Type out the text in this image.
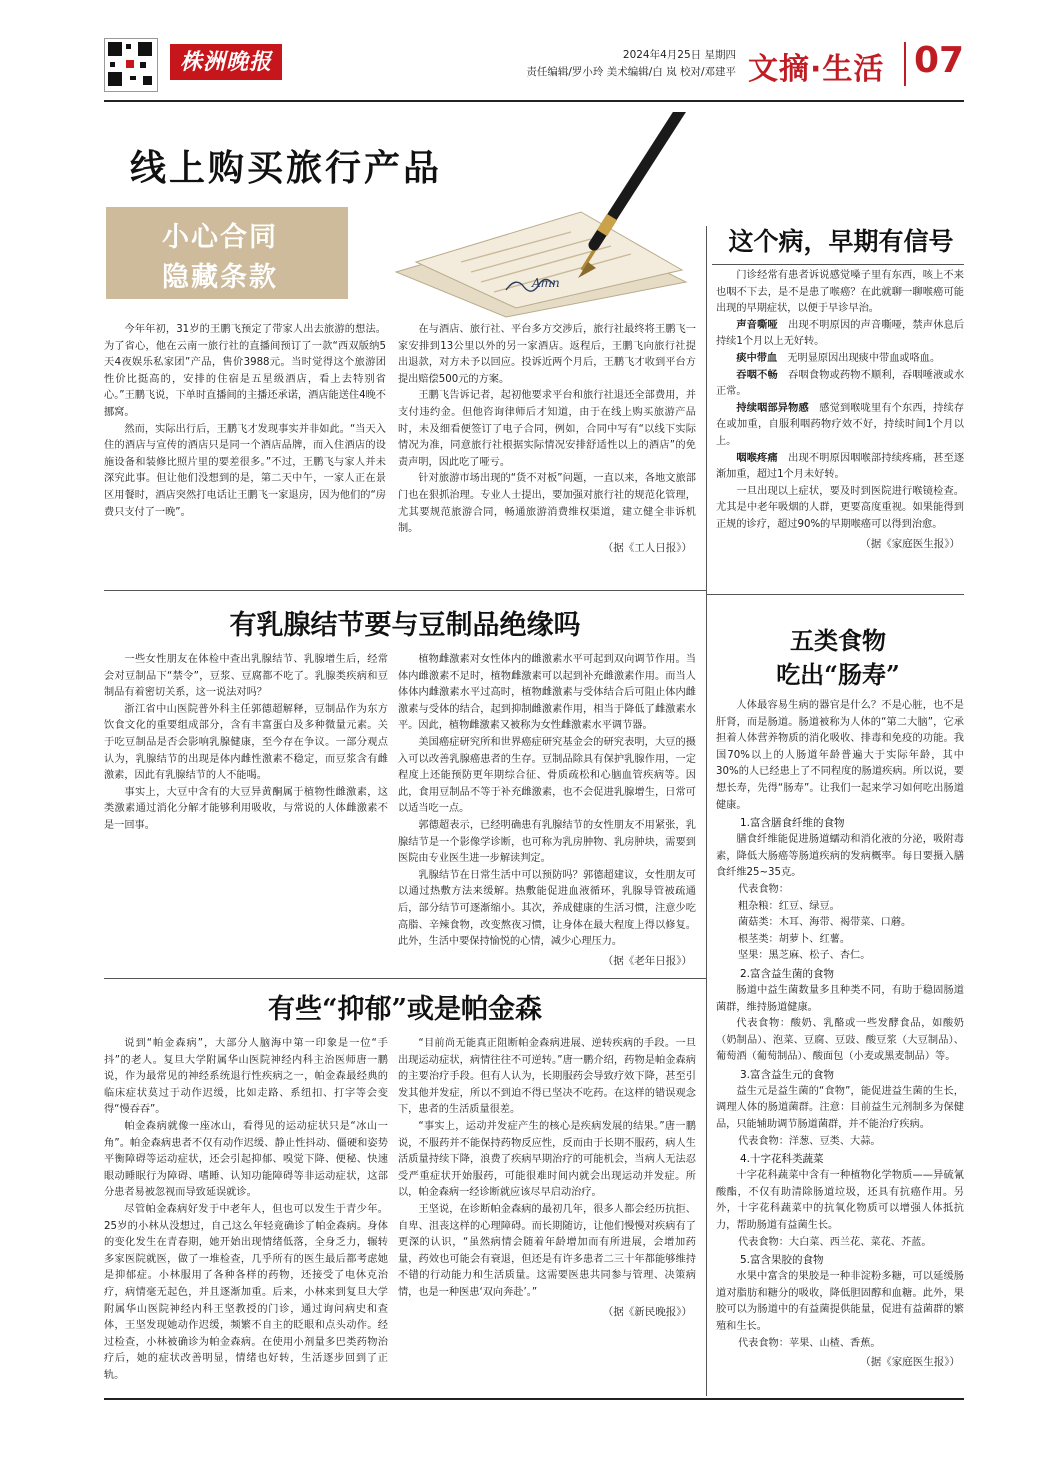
株洲晚报	2024年4月25日 星期四
责任编辑/罗小玲 美术编辑/白 岚 校对/邓建平 文摘·生活 07
线上购买旅行产品
小心合同
隐藏条款	Amn

今年年初，31岁的王鹏飞预定了带家人出去旅游的想法。为了省心，他在云南一旅行社的直播间预订了一款“西双版纳5天4夜娱乐私家团”产品，售价3988元。当时觉得这个旅游团性价比挺高的，安排的住宿是五星级酒店，看上去特别省心。”王鹏飞说，下单时直播间的主播还承诺，酒店能送住4晚不挪窝。

然而，实际出行后，王鹏飞才发现事实并非如此。“当天入住的酒店与宣传的酒店只是同一个酒店品牌，而入住酒店的设施设备和装修比照片里的要差很多。”不过，王鹏飞与家人并未深究此事。但让他们没想到的是，第二天中午，一家人正在景区用餐时，酒店突然打电话让王鹏飞一家退房，因为他们的“房费只支付了一晚”。

在与酒店、旅行社、平台多方交涉后，旅行社最终将王鹏飞一家安排到13公里以外的另一家酒店。返程后，王鹏飞向旅行社提出退款，对方未予以回应。投诉近两个月后，王鹏飞才收到平台方提出赔偿500元的方案。

王鹏飞告诉记者，起初他要求平台和旅行社退还全部费用，并支付违约金。但他咨询律师后才知道，由于在线上购买旅游产品时，未及细看便签订了电子合同，例如，合同中写有“以线下实际情况为准，同意旅行社根据实际情况安排舒适性以上的酒店”的免责声明，因此吃了哑亏。

针对旅游市场出现的“货不对板”问题，一直以来，各地文旅部门也在狠抓治理。专业人士提出，要加强对旅行社的规范化管理，尤其要规范旅游合同，畅通旅游消费维权渠道，建立健全非诉机制。

（据《工人日报》）

这个病，早期有信号

门诊经常有患者诉说感觉嗓子里有东西，咳上不来也咽不下去，是不是患了喉癌？在此就聊一聊喉癌可能出现的早期症状，以便于早诊早治。

声音嘶哑　 出现不明原因的声音嘶哑，禁声休息后持续1个月以上无好转。

痰中带血　 无明显原因出现痰中带血或咯血。

吞咽不畅　 吞咽食物或药物不顺利，吞咽唾液或水正常。

持续咽部异物感　 感觉到喉咙里有个东西，持续存在或加重，自服利咽药物疗效不好，持续时间1个月以上。

咽喉疼痛　 出现不明原因咽喉部持续疼痛，甚至逐渐加重，超过1个月未好转。

一旦出现以上症状，要及时到医院进行喉镜检查。尤其是中老年吸烟的人群，更要高度重视。如果能得到正规的诊疗，超过90%的早期喉癌可以得到治愈。

（据《家庭医生报》）

有乳腺结节要与豆制品绝缘吗

一些女性朋友在体检中查出乳腺结节、乳腺增生后，经常会对豆制品下“禁令”，豆浆、豆腐都不吃了。乳腺类疾病和豆制品有着密切关系，这一说法对吗？

浙江省中山医院普外科主任郭德超解释，豆制品作为东方饮食文化的重要组成部分，含有丰富蛋白及多种微量元素。关于吃豆制品是否会影响乳腺健康，至今存在争议。一部分观点认为，乳腺结节的出现是体内雌性激素不稳定，而豆浆含有雌激素，因此有乳腺结节的人不能喝。

事实上，大豆中含有的大豆异黄酮属于植物性雌激素，这类激素通过消化分解才能够利用吸收，与常说的人体雌激素不是一回事。

植物雌激素对女性体内的雌激素水平可起到双向调节作用。当体内雌激素不足时，植物雌激素可以起到补充雌激素作用。而当人体体内雌激素水平过高时，植物雌激素与受体结合后可阻止体内雌激素与受体的结合，起到抑制雌激素作用，相当于降低了雌激素水平。因此，植物雌激素又被称为女性雌激素水平调节器。

美国癌症研究所和世界癌症研究基金会的研究表明，大豆的摄入可以改善乳腺癌患者的生存。豆制品除具有保护乳腺作用，一定程度上还能预防更年期综合征、骨质疏松和心脑血管疾病等。因此，食用豆制品不等于补充雌激素，也不会促进乳腺增生，日常可以适当吃一点。

郭德超表示，已经明确患有乳腺结节的女性朋友不用紧张，乳腺结节是一个影像学诊断，也可称为乳房肿物、乳房肿块，需要到医院由专业医生进一步解读判定。

乳腺结节在日常生活中可以预防吗？郭德超建议，女性朋友可以通过热敷方法来缓解。热敷能促进血液循环，乳腺导管被疏通后，部分结节可逐渐缩小。其次，养成健康的生活习惯，注意少吃高脂、辛辣食物，改变熬夜习惯，让身体在最大程度上得以修复。此外，生活中要保持愉悦的心情，减少心理压力。

（据《老年日报》）

有些“抑郁”或是帕金森

说到“帕金森病”，大部分人脑海中第一印象是一位“手抖”的老人。复旦大学附属华山医院神经内科主治医师唐一鹏说，作为最常见的神经系统退行性疾病之一，帕金森最经典的临床症状莫过于动作迟缓，比如走路、系纽扣、打字等会变得“慢吞吞”。

帕金森病就像一座冰山，看得见的运动症状只是“冰山一角”。帕金森病患者不仅有动作迟缓、静止性抖动、僵硬和姿势平衡障碍等运动症状，还会引起抑郁、嗅觉下降、便秘、快速眼动睡眠行为障碍、嗜睡、认知功能障碍等非运动症状，这部分患者易被忽视而导致延误就诊。

尽管帕金森病好发于中老年人，但也可以发生于青少年。25岁的小林从没想过，自己这么年轻竟确诊了帕金森病。身体的变化发生在青春期，她开始出现情绪低落，全身乏力，辗转多家医院就医，做了一堆检查，几乎所有的医生最后都考虑她是抑郁症。小林服用了各种各样的药物，还接受了电休克治疗，病情毫无起色，并且逐渐加重。后来，小林来到复旦大学附属华山医院神经内科王坚教授的门诊，通过询问病史和查体，王坚发现她动作迟缓，频繁不自主的眨眼和点头动作。经过检查，小林被确诊为帕金森病。在使用小剂量多巴类药物治疗后，她的症状改善明显，情绪也好转，生活逐步回到了正轨。

“目前尚无能真正阻断帕金森病进展、逆转疾病的手段。一旦出现运动症状，病情往往不可逆转。”唐一鹏介绍，药物是帕金森病的主要治疗手段。但有人认为，长期服药会导致疗效下降，甚至引发其他并发症，所以不到迫不得已坚决不吃药。在这样的错误观念下，患者的生活质量很差。

“事实上，运动并发症产生的核心是疾病发展的结果。”唐一鹏说，不服药并不能保持药物反应性，反而由于长期不服药，病人生活质量持续下降，浪费了疾病早期治疗的可能机会，当病人无法忍受严重症状开始服药，可能很难时间内就会出现运动并发症。所以，帕金森病一经诊断就应该尽早启动治疗。

王坚说，在诊断帕金森病的最初几年，很多人都会经历抗拒、自卑、沮丧这样的心理障碍。而长期随访，让他们慢慢对疾病有了更深的认识，“虽然病情会随着年龄增加而有所进展，会增加药量，药效也可能会有衰退，但还是有许多患者二三十年都能够维持不错的行动能力和生活质量。这需要医患共同参与管理、决策病情，也是一种医患‘双向奔赴’。”

（据《新民晚报》）

五类食物
吃出“肠寿”

人体最容易生病的器官是什么？不是心脏，也不是肝肾，而是肠道。肠道被称为人体的“第二大脑”，它承担着人体营养物质的消化吸收、排毒和免疫的功能。我国70%以上的人肠道年龄普遍大于实际年龄，其中30%的人已经患上了不同程度的肠道疾病。所以说，要想长寿，先得“肠寿”。让我们一起来学习如何吃出肠道健康。

1.富含膳食纤维的食物

膳食纤维能促进肠道蠕动和消化液的分泌，吸附毒素，降低大肠癌等肠道疾病的发病概率。每日要摄入膳食纤维25~35克。

代表食物：

粗杂粮：红豆、绿豆。

菌菇类：木耳、海带、褐带菜、口蘑。

根茎类：胡萝卜、红薯。

坚果：黑芝麻、松子、杏仁。

2.富含益生菌的食物

肠道中益生菌数量多且种类不同，有助于稳固肠道菌群，维持肠道健康。

代表食物：酸奶、乳酪或一些发酵食品，如酸奶（奶制品）、泡菜、豆腐、豆豉、酸豆浆（大豆制品）、葡萄酒（葡萄制品）、酸面包（小麦或黑麦制品）等。

3.富含益生元的食物

益生元是益生菌的“食物”，能促进益生菌的生长，调理人体的肠道菌群。注意：目前益生元剂制多为保健品，只能辅助调节肠道菌群，并不能治疗疾病。

代表食物：洋葱、豆类、大蒜。

4.十字花科类蔬菜

十字花科蔬菜中含有一种植物化学物质——异硫氰酸酯，不仅有助清除肠道垃圾，还具有抗癌作用。另外，十字花科蔬菜中的抗氧化物质可以增强人体抵抗力，帮助肠道有益菌生长。

代表食物：大白菜、西兰花、菜花、芥蓝。

5.富含果胶的食物

水果中富含的果胶是一种非淀粉多糖，可以延缓肠道对脂肪和糖分的吸收，降低胆固醇和血糖。此外，果胶可以为肠道中的有益菌提供能量，促进有益菌群的繁殖和生长。

代表食物：苹果、山楂、香蕉。

（据《家庭医生报》）
